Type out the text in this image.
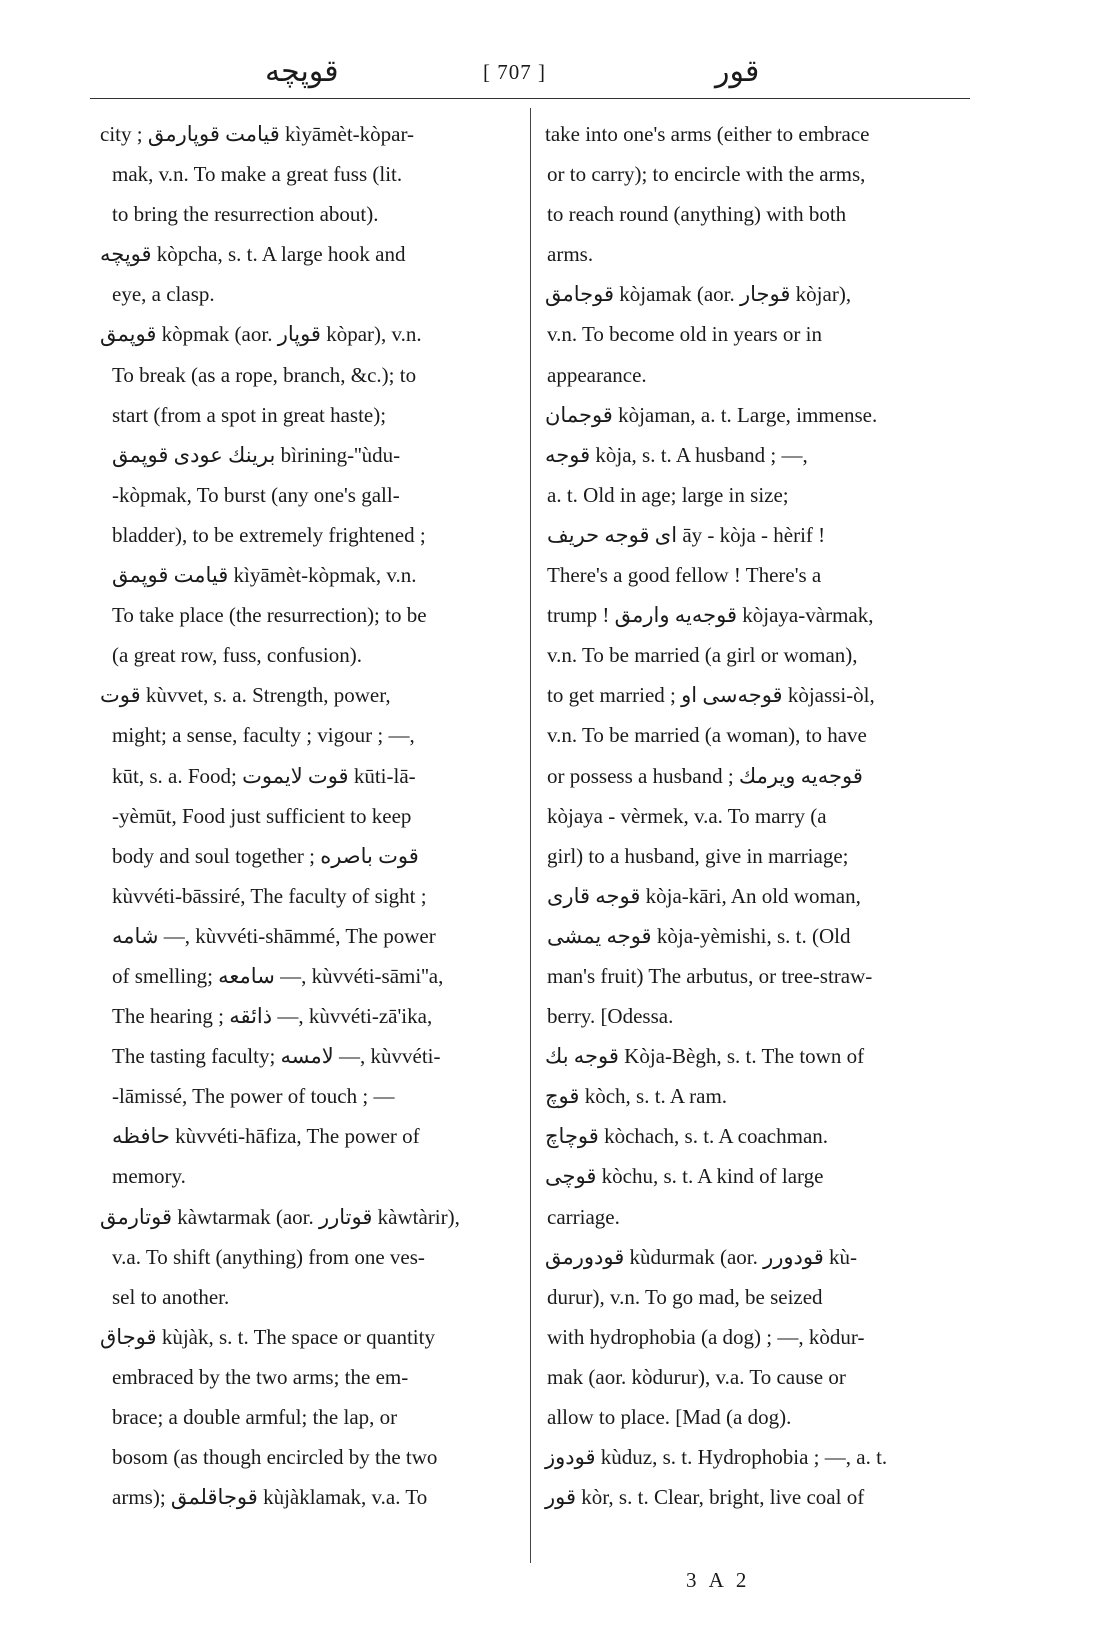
قوپچه	[ 707 ]	قور
city ; قیامت قوپارمق kìyāmèt-kòpar-
mak, v.n. To make a great fuss (lit.
to bring the resurrection about).
قوپچه kòpcha, s. t. A large hook and
eye, a clasp.
قوپمق kòpmak (aor. قوپار kòpar), v.n.
To break (as a rope, branch, &c.); to
start (from a spot in great haste);
برینك عودی قوپمق bìrining-''ùdu-
-kòpmak, To burst (any one's gall-
bladder), to be extremely frightened ;
قیامت قوپمق kìyāmèt-kòpmak, v.n.
To take place (the resurrection); to be
(a great row, fuss, confusion).
قوت kùvvet, s. a. Strength, power,
might; a sense, faculty ; vigour ; —,
kūt, s. a. Food; قوت لایموت kūti-lā-
-yèmūt, Food just sufficient to keep
body and soul together ; قوت باصره
kùvvéti-bāssiré, The faculty of sight ;
شامه —, kùvvéti-shāmmé, The power
of smelling; سامعه —, kùvvéti-sāmi''a,
The hearing ; ذائقه —, kùvvéti-zā'ika,
The tasting faculty; لامسه —, kùvvéti-
-lāmissé, The power of touch ; —
حافظه kùvvéti-hāfiza, The power of
memory.
قوتارمق kàwtarmak (aor. قوتارر kàwtàrir),
v.a. To shift (anything) from one ves-
sel to another.
قوجاق kùjàk, s. t. The space or quantity
embraced by the two arms; the em-
brace; a double armful; the lap, or
bosom (as though encircled by the two
arms); قوجاقلمق kùjàklamak, v.a. To
take into one's arms (either to embrace
or to carry); to encircle with the arms,
to reach round (anything) with both
arms.
قوجامق kòjamak (aor. قوجار kòjar),
v.n. To become old in years or in
appearance.
قوجمان kòjaman, a. t. Large, immense.
قوجه kòja, s. t. A husband ; —,
a. t. Old in age; large in size;
ای قوجه حریف āy - kòja - hèrif !
There's a good fellow ! There's a
trump ! قوجه‌یه وارمق kòjaya-vàrmak,
v.n. To be married (a girl or woman),
to get married ; قوجه‌سی او kòjassi-òl,
v.n. To be married (a woman), to have
or possess a husband ; قوجه‌یه ویرمك
kòjaya - vèrmek, v.a. To marry (a
girl) to a husband, give in marriage;
قوجه قاری kòja-kāri, An old woman,
قوجه یمشی kòja-yèmishi, s. t. (Old
man's fruit) The arbutus, or tree-straw-
berry. [Odessa.
قوجه بك Kòja-Bègh, s. t. The town of
قوچ kòch, s. t. A ram.
قوچاچ kòchach, s. t. A coachman.
قوچی kòchu, s. t. A kind of large
carriage.
قودورمق kùdurmak (aor. قودورر kù-
durur), v.n. To go mad, be seized
with hydrophobia (a dog) ; —, kòdur-
mak (aor. kòdurur), v.a. To cause or
allow to place. [Mad (a dog).
قودوز kùduz, s. t. Hydrophobia ; —, a. t.
قور kòr, s. t. Clear, bright, live coal of
3 A 2
